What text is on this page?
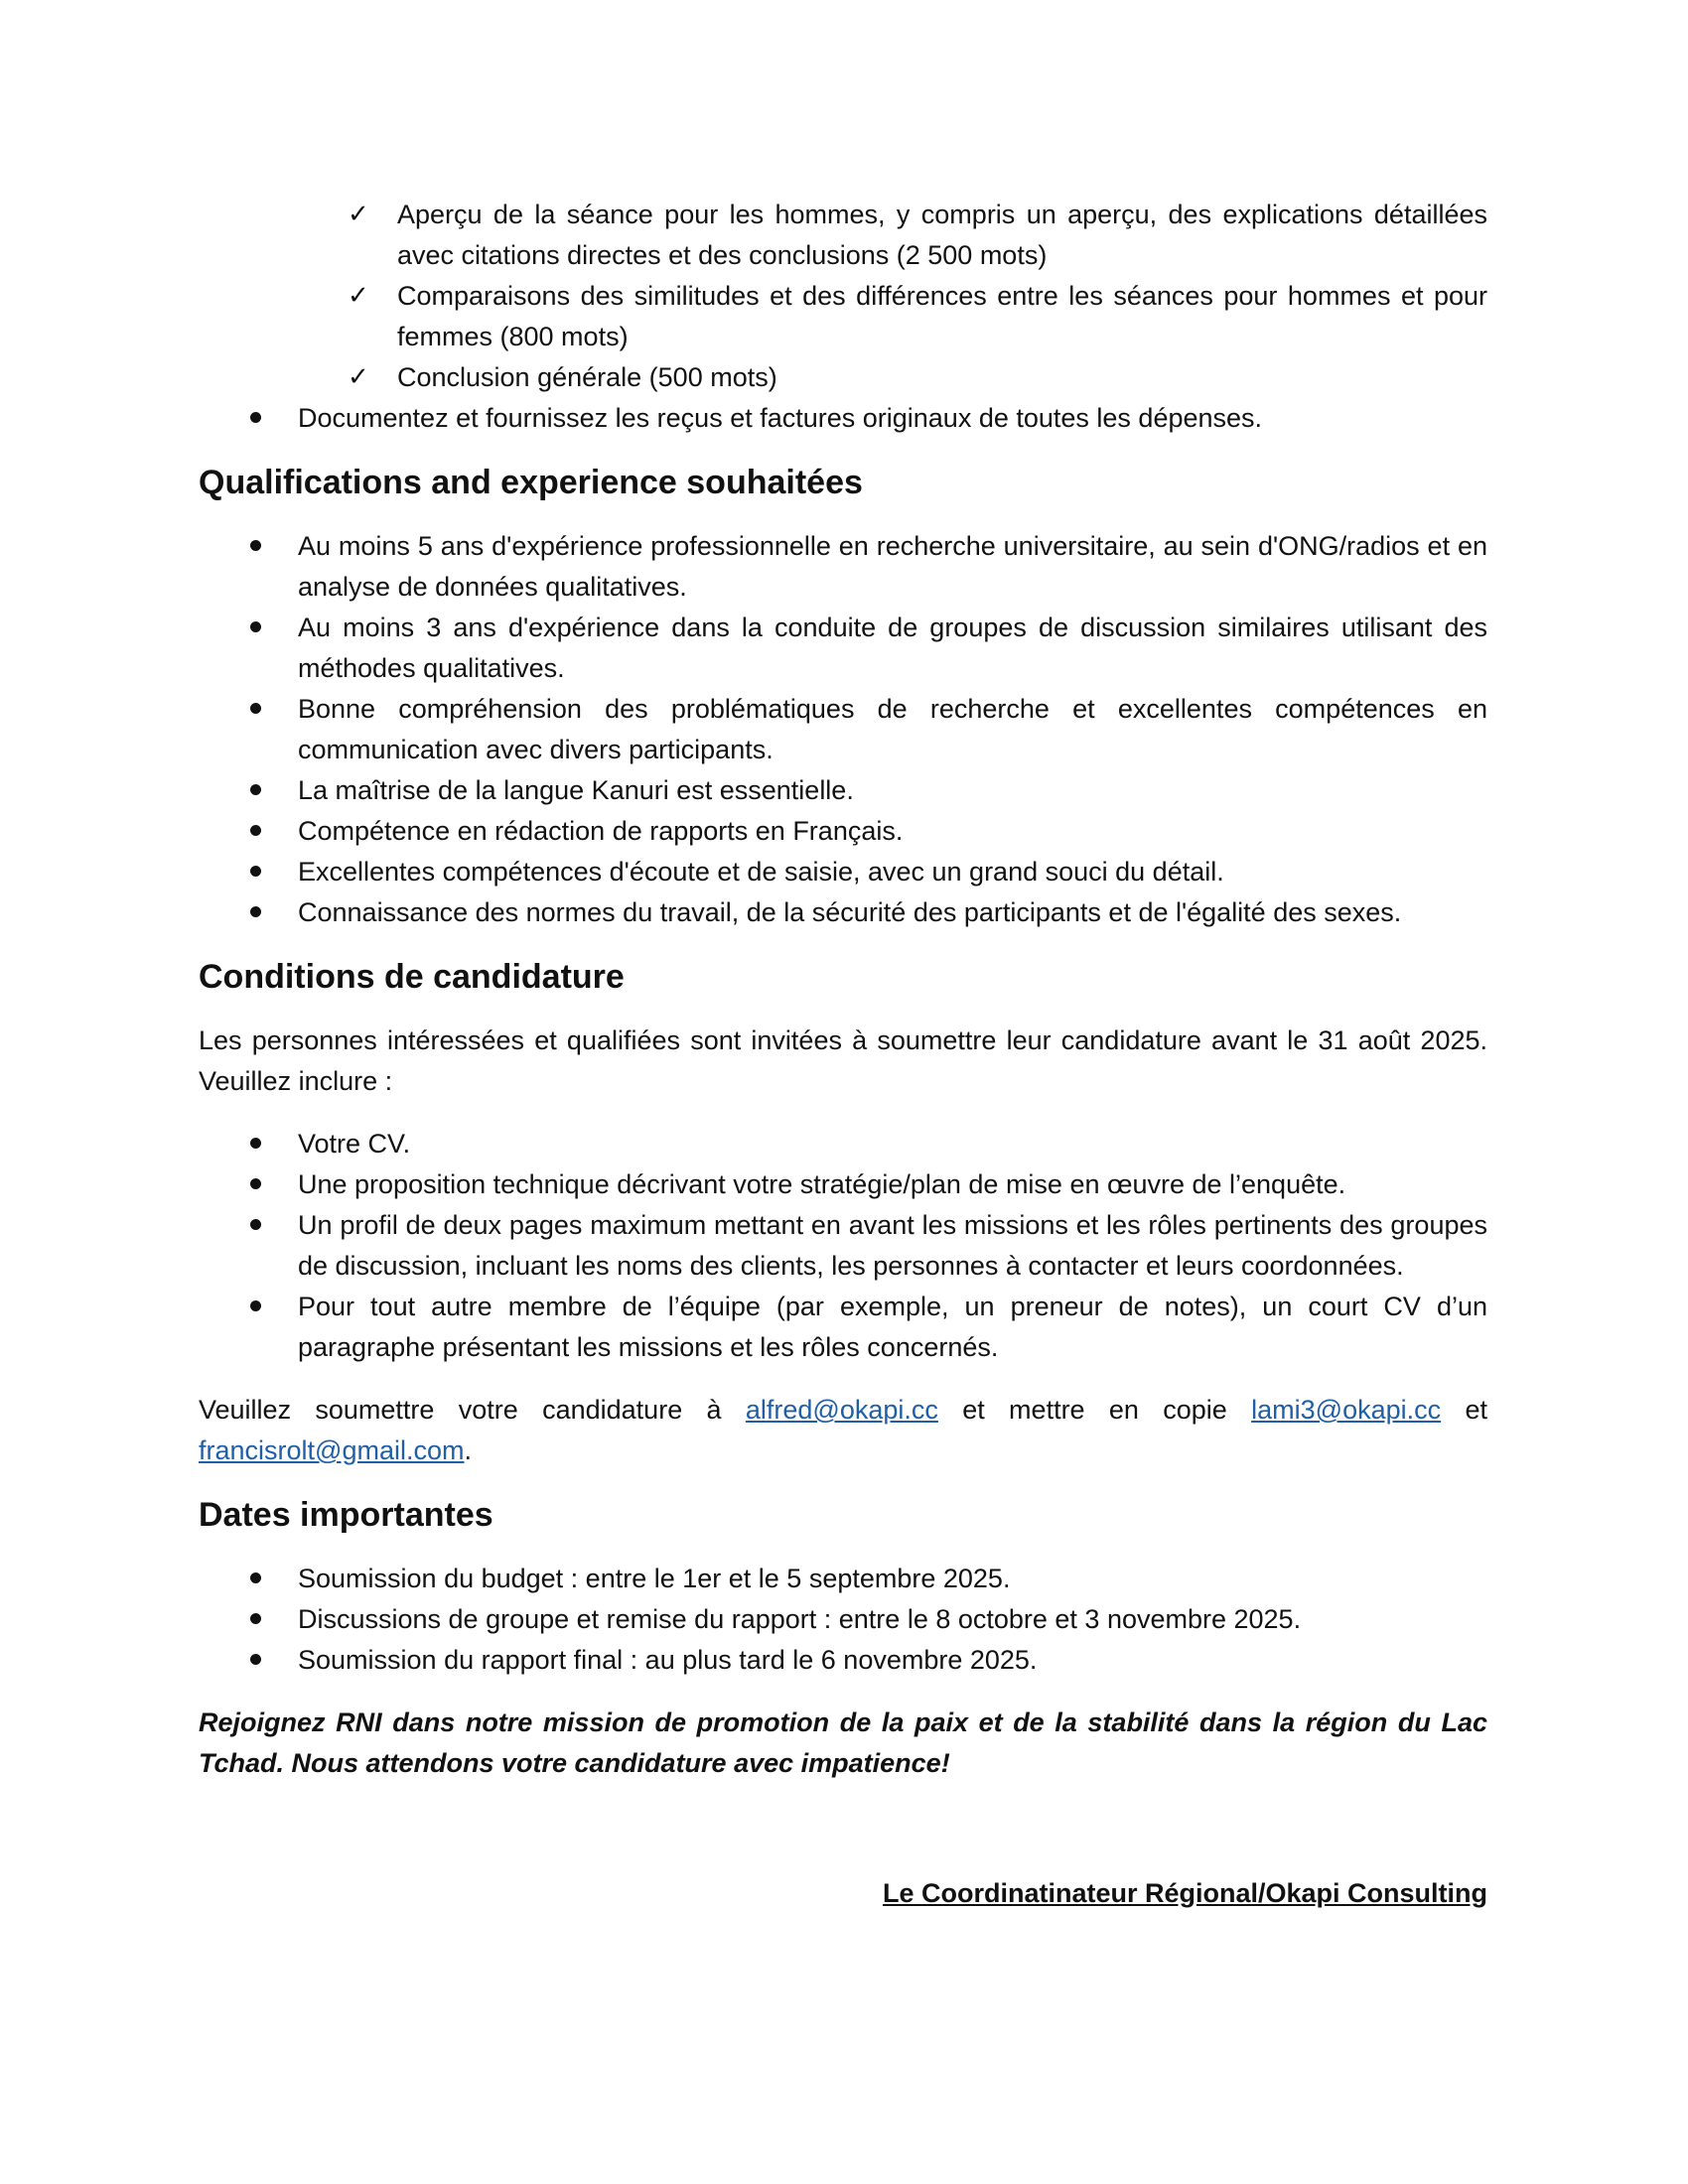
✓ Aperçu de la séance pour les hommes, y compris un aperçu, des explications détaillées avec citations directes et des conclusions (2 500 mots)
✓ Comparaisons des similitudes et des différences entre les séances pour hommes et pour femmes (800 mots)
✓ Conclusion générale (500 mots)
Documentez et fournissez les reçus et factures originaux de toutes les dépenses.
Qualifications and experience souhaitées
Au moins 5 ans d'expérience professionnelle en recherche universitaire, au sein d'ONG/radios et en analyse de données qualitatives.
Au moins 3 ans d'expérience dans la conduite de groupes de discussion similaires utilisant des méthodes qualitatives.
Bonne compréhension des problématiques de recherche et excellentes compétences en communication avec divers participants.
La maîtrise de la langue Kanuri est essentielle.
Compétence en rédaction de rapports en Français.
Excellentes compétences d'écoute et de saisie, avec un grand souci du détail.
Connaissance des normes du travail, de la sécurité des participants et de l'égalité des sexes.
Conditions de candidature

Les personnes intéressées et qualifiées sont invitées à soumettre leur candidature avant le 31 août 2025. Veuillez inclure :

Votre CV.
Une proposition technique décrivant votre stratégie/plan de mise en œuvre de l’enquête.
Un profil de deux pages maximum mettant en avant les missions et les rôles pertinents des groupes de discussion, incluant les noms des clients, les personnes à contacter et leurs coordonnées.
Pour tout autre membre de l’équipe (par exemple, un preneur de notes), un court CV d’un paragraphe présentant les missions et les rôles concernés.

Veuillez soumettre votre candidature à alfred@okapi.cc et mettre en copie lami3@okapi.cc et francisrolt@gmail.com.

Dates importantes
Soumission du budget : entre le 1er et le 5 septembre 2025.
Discussions de groupe et remise du rapport : entre le 8 octobre et 3 novembre 2025.
Soumission du rapport final : au plus tard le 6 novembre 2025.

Rejoignez RNI dans notre mission de promotion de la paix et de la stabilité dans la région du Lac Tchad. Nous attendons votre candidature avec impatience!

Le Coordinatinateur Régional/Okapi Consulting
